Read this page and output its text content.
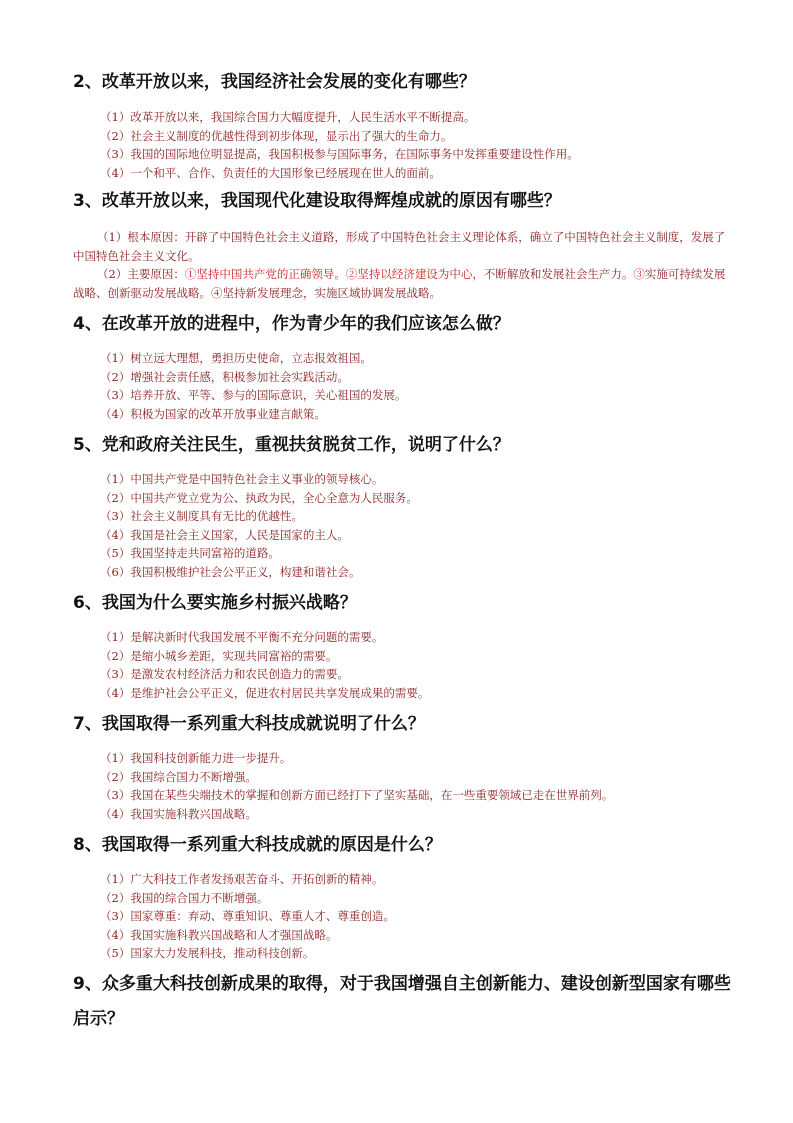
2、改革开放以来，我国经济社会发展的变化有哪些？
（1）改革开放以来，我国综合国力大幅度提升，人民生活水平不断提高。
（2）社会主义制度的优越性得到初步体现，显示出了强大的生命力。
（3）我国的国际地位明显提高，我国积极参与国际事务，在国际事务中发挥重要建设性作用。
（4）一个和平、合作、负责任的大国形象已经展现在世人的面前。
3、改革开放以来，我国现代化建设取得辉煌成就的原因有哪些？

（1）根本原因：开辟了中国特色社会主义道路，形成了中国特色社会主义理论体系，确立了中国特色社会主义制度，发展了中国特色社会主义文化。

（2）主要原因：①坚持中国共产党的正确领导。②坚持以经济建设为中心，不断解放和发展社会生产力。③实施可持续发展战略、创新驱动发展战略。④坚持新发展理念，实施区域协调发展战略。

4、在改革开放的进程中，作为青少年的我们应该怎么做？
（1）树立远大理想，勇担历史使命，立志报效祖国。
（2）增强社会责任感，积极参加社会实践活动。
（3）培养开放、平等、参与的国际意识，关心祖国的发展。
（4）积极为国家的改革开放事业建言献策。
5、党和政府关注民生，重视扶贫脱贫工作，说明了什么？
（1）中国共产党是中国特色社会主义事业的领导核心。
（2）中国共产党立党为公、执政为民，全心全意为人民服务。
（3）社会主义制度具有无比的优越性。
（4）我国是社会主义国家，人民是国家的主人。
（5）我国坚持走共同富裕的道路。
（6）我国积极维护社会公平正义，构建和谐社会。
6、我国为什么要实施乡村振兴战略？
（1）是解决新时代我国发展不平衡不充分问题的需要。
（2）是缩小城乡差距，实现共同富裕的需要。
（3）是激发农村经济活力和农民创造力的需要。
（4）是维护社会公平正义，促进农村居民共享发展成果的需要。
7、我国取得一系列重大科技成就说明了什么？
（1）我国科技创新能力进一步提升。
（2）我国综合国力不断增强。
（3）我国在某些尖端技术的掌握和创新方面已经打下了坚实基础，在一些重要领域已走在世界前列。
（4）我国实施科教兴国战略。
8、我国取得一系列重大科技成就的原因是什么？
（1）广大科技工作者发扬艰苦奋斗、开拓创新的精神。
（2）我国的综合国力不断增强。
（3）国家尊重：弃动、尊重知识、尊重人才、尊重创造。
（4）我国实施科教兴国战略和人才强国战略。
（5）国家大力发展科技，推动科技创新。
9、众多重大科技创新成果的取得，对于我国增强自主创新能力、建设创新型国家有哪些启示？
